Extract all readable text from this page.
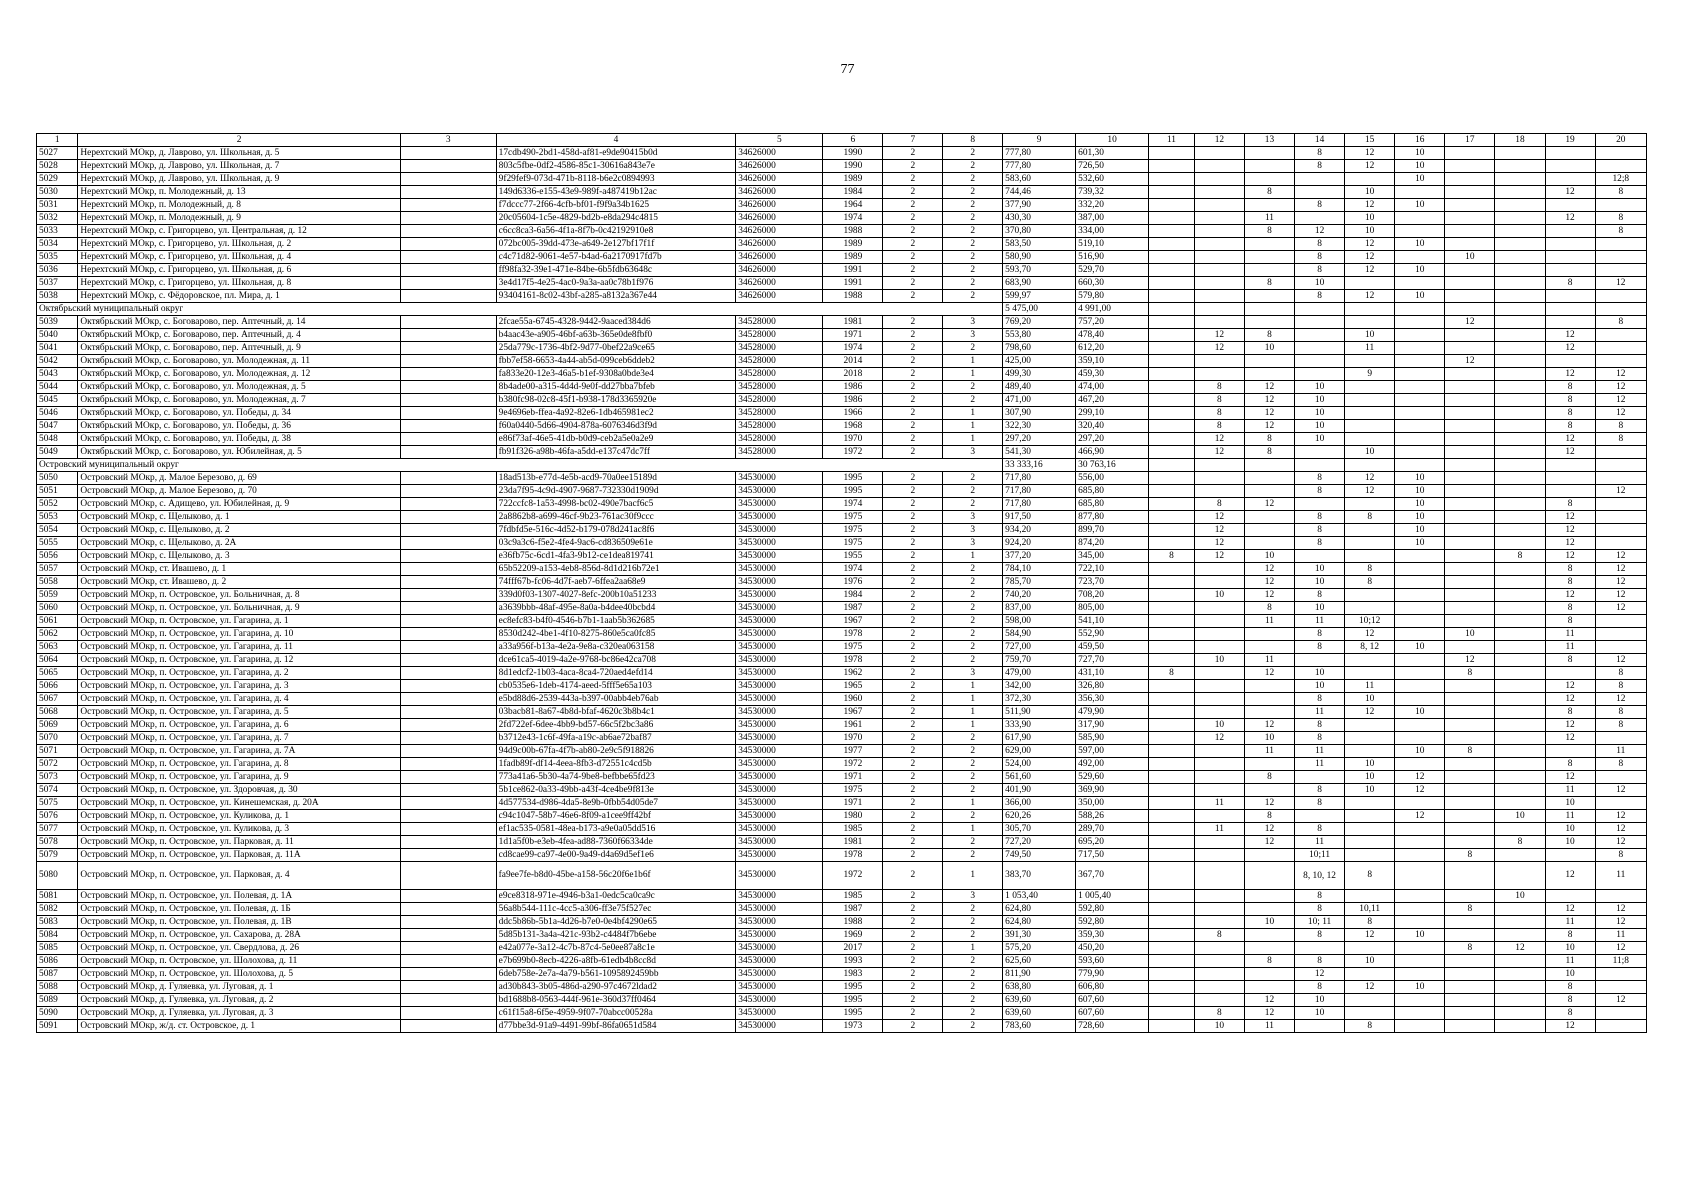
77
1	2	3	4	5	6	7	8	9	10	11	12	13	14	15	16	17	18	19	20
5027	Нерехтский МОкр, д. Лаврово, ул. Школьная, д. 5		17cdb490-2bd1-458d-af81-e9de90415b0d	34626000	1990	2	2	777,80	601,30				8	12	10				
5028	Нерехтский МОкр, д. Лаврово, ул. Школьная, д. 7		803c5fbe-0df2-4586-85c1-30616a843e7e	34626000	1990	2	2	777,80	726,50				8	12	10				
5029	Нерехтский МОкр, д. Лаврово, ул. Школьная, д. 9		9f29fef9-073d-471b-8118-b6e2c0894993	34626000	1989	2	2	583,60	532,60						10				12;8
5030	Нерехтский МОкр, п. Молодежный, д. 13		149d6336-e155-43e9-989f-a487419b12ac	34626000	1984	2	2	744,46	739,32			8		10				12	8
5031	Нерехтский МОкр, п. Молодежный, д. 8		f7dccc77-2f66-4cfb-bf01-f9f9a34b1625	34626000	1964	2	2	377,90	332,20				8	12	10				
5032	Нерехтский МОкр, п. Молодежный, д. 9		20c05604-1c5e-4829-bd2b-e8da294c4815	34626000	1974	2	2	430,30	387,00			11		10				12	8
5033	Нерехтский МОкр, с. Григорцево, ул. Центральная, д. 12		c6cc8ca3-6a56-4f1a-8f7b-0c42192910e8	34626000	1988	2	2	370,80	334,00			8	12	10					8
5034	Нерехтский МОкр, с. Григорцево, ул. Школьная, д. 2		072bc005-39dd-473e-a649-2e127bf17f1f	34626000	1989	2	2	583,50	519,10				8	12	10				
5035	Нерехтский МОкр, с. Григорцево, ул. Школьная, д. 4		c4c71d82-9061-4e57-b4ad-6a2170917fd7b	34626000	1989	2	2	580,90	516,90				8	12		10			
5036	Нерехтский МОкр, с. Григорцево, ул. Школьная, д. 6		ff98fa32-39e1-471e-84be-6b5fdb63648c	34626000	1991	2	2	593,70	529,70				8	12	10				
5037	Нерехтский МОкр, с. Григорцево, ул. Школьная, д. 8		3e4d17f5-4e25-4ac0-9a3a-aa0c78b1f976	34626000	1991	2	2	683,90	660,30			8	10					8	12
5038	Нерехтский МОкр, с. Фёдоровское, пл. Мира, д. 1		93404161-8c02-43bf-a285-a8132a367e44	34626000	1988	2	2	599,97	579,80				8	12	10				
Октябрьский муниципальный округ								5 475,00	4 991,00										
5039	Октябрьский МОкр, с. Боговарово, пер. Аптечный, д. 14		2fcae55a-6745-4328-9442-9aaced384d6	34528000	1981	2	3	769,20	757,20							12			8
5040	Октябрьский МОкр, с. Боговарово, пер. Аптечный, д. 4		b4aac43e-a905-46bf-a63b-365e0de8fbf0	34528000	1971	2	3	553,80	478,40		12	8		10				12	
5041	Октябрьский МОкр, с. Боговарово, пер. Аптечный, д. 9		25da779c-1736-4bf2-9d77-0bef22a9ce65	34528000	1974	2	2	798,60	612,20		12	10		11				12	
5042	Октябрьский МОкр, с. Боговарово, ул. Молодежная, д. 11		fbb7ef58-6653-4a44-ab5d-099ceb6ddeb2	34528000	2014	2	1	425,00	359,10							12			
5043	Октябрьский МОкр, с. Боговарово, ул. Молодежная, д. 12		fa833e20-12e3-46a5-b1ef-9308a0bde3e4	34528000	2018	2	1	499,30	459,30					9				12	12
5044	Октябрьский МОкр, с. Боговарово, ул. Молодежная, д. 5		8b4ade00-a315-4d4d-9e0f-dd27bba7bfeb	34528000	1986	2	2	489,40	474,00		8	12	10					8	12
5045	Октябрьский МОкр, с. Боговарово, ул. Молодежная, д. 7		b380fc98-02c8-45f1-b938-178d3365920e	34528000	1986	2	2	471,00	467,20		8	12	10					8	12
5046	Октябрьский МОкр, с. Боговарово, ул. Победы, д. 34		9e4696eb-ffea-4a92-82e6-1db465981ec2	34528000	1966	2	1	307,90	299,10		8	12	10					8	12
5047	Октябрьский МОкр, с. Боговарово, ул. Победы, д. 36		f60a0440-5d66-4904-878a-6076346d3f9d	34528000	1968	2	1	322,30	320,40		8	12	10					8	8
5048	Октябрьский МОкр, с. Боговарово, ул. Победы, д. 38		e86f73af-46e5-41db-b0d9-ceb2a5e0a2e9	34528000	1970	2	1	297,20	297,20		12	8	10					12	8
5049	Октябрьский МОкр, с. Боговарово, ул. Юбилейная, д. 5		fb91f326-a98b-46fa-a5dd-e137c47dc7ff	34528000	1972	2	3	541,30	466,90		12	8		10				12	
Островский муниципальный округ								33 333,16	30 763,16										
5050	Островский МОкр, д. Малое Березово, д. 69		18ad513b-e77d-4e5b-acd9-70a0ee15189d	34530000	1995	2	2	717,80	556,00				8	12	10				
5051	Островский МОкр, д. Малое Березово, д. 70		23da7f95-4c9d-4907-9687-732330d1909d	34530000	1995	2	2	717,80	685,80				8	12	10				12
5052	Островский МОкр, с. Адищево, ул. Юбилейная, д. 9		722ccfc8-1a53-4998-bc02-490e7bacf6c5	34530000	1974	2	2	717,80	685,80		8	12			10			8	
5053	Островский МОкр, с. Щелыково, д. 1		2a8862b8-a699-46cf-9b23-761ac30f9ccc	34530000	1975	2	3	917,50	877,80		12		8	8	10			12	
5054	Островский МОкр, с. Щелыково, д. 2		7fdbfd5e-516c-4d52-b179-078d241ac8f6	34530000	1975	2	3	934,20	899,70		12		8		10			12	
5055	Островский МОкр, с. Щелыково, д. 2А		03c9a3c6-f5e2-4fe4-9ac6-cd836509e61e	34530000	1975	2	3	924,20	874,20		12		8		10			12	
5056	Островский МОкр, с. Щелыково, д. 3		e36fb75c-6cd1-4fa3-9b12-ce1dea819741	34530000	1955	2	1	377,20	345,00	8	12	10					8	12	12
5057	Островский МОкр, ст. Ивашево, д. 1		65b52209-a153-4eb8-856d-8d1d216b72e1	34530000	1974	2	2	784,10	722,10			12	10	8				8	12
5058	Островский МОкр, ст. Ивашево, д. 2		74fff67b-fc06-4d7f-aeb7-6ffea2aa68e9	34530000	1976	2	2	785,70	723,70			12	10	8				8	12
5059	Островский МОкр, п. Островское, ул. Больничная, д. 8		339d0f03-1307-4027-8efc-200b10a51233	34530000	1984	2	2	740,20	708,20		10	12	8					12	12
5060	Островский МОкр, п. Островское, ул. Больничная, д. 9		a3639bbb-48af-495e-8a0a-b4dee40bcbd4	34530000	1987	2	2	837,00	805,00			8	10					8	12
5061	Островский МОкр, п. Островское, ул. Гагарина, д. 1		ec8efc83-b4f0-4546-b7b1-1aab5b362685	34530000	1967	2	2	598,00	541,10			11	11	10;12				8	
5062	Островский МОкр, п. Островское, ул. Гагарина, д. 10		8530d242-4be1-4f10-8275-860e5ca0fc85	34530000	1978	2	2	584,90	552,90				8	12		10		11	
5063	Островский МОкр, п. Островское, ул. Гагарина, д. 11		a33a956f-b13a-4e2a-9e8a-c320ea063158	34530000	1975	2	2	727,00	459,50				8	8, 12	10			11	
5064	Островский МОкр, п. Островское, ул. Гагарина, д. 12		dce61ca5-4019-4a2e-9768-bc86e42ca708	34530000	1978	2	2	759,70	727,70		10	11				12		8	12
5065	Островский МОкр, п. Островское, ул. Гагарина, д. 2		8d1edcf2-1b03-4aca-8ca4-720aed4efd14	34530000	1962	2	3	479,00	431,10	8		12	10			8			8
5066	Островский МОкр, п. Островское, ул. Гагарина, д. 3		cb0535e6-1deb-4174-aeed-5fff5e65a103	34530000	1965	2	1	342,00	326,80				10	11				12	8
5067	Островский МОкр, п. Островское, ул. Гагарина, д. 4		e5bd88d6-2539-443a-b397-00abb4eb76ab	34530000	1960	2	1	372,30	356,30				8	10				12	12
5068	Островский МОкр, п. Островское, ул. Гагарина, д. 5		03bacb81-8a67-4b8d-bfaf-4620c3b8b4c1	34530000	1967	2	1	511,90	479,90				11	12	10			8	8
5069	Островский МОкр, п. Островское, ул. Гагарина, д. 6		2fd722ef-6dee-4bb9-bd57-66c5f2bc3a86	34530000	1961	2	1	333,90	317,90		10	12	8					12	8
5070	Островский МОкр, п. Островское, ул. Гагарина, д. 7		b3712e43-1c6f-49fa-a19c-ab6ae72baf87	34530000	1970	2	2	617,90	585,90		12	10	8					12	
5071	Островский МОкр, п. Островское, ул. Гагарина, д. 7А		94d9c00b-67fa-4f7b-ab80-2e9c5f918826	34530000	1977	2	2	629,00	597,00			11	11		10	8			11
5072	Островский МОкр, п. Островское, ул. Гагарина, д. 8		1fadb89f-df14-4eea-8fb3-d72551c4cd5b	34530000	1972	2	2	524,00	492,00				11	10				8	8
5073	Островский МОкр, п. Островское, ул. Гагарина, д. 9		773a41a6-5b30-4a74-9be8-befbbe65fd23	34530000	1971	2	2	561,60	529,60			8		10	12			12	
5074	Островский МОкр, п. Островское, ул. Здоровчая, д. 30		5b1ce862-0a33-49bb-a43f-4ce4be9f813e	34530000	1975	2	2	401,90	369,90				8	10	12			11	12
5075	Островский МОкр, п. Островское, ул. Кинешемская, д. 20А		4d577534-d986-4da5-8e9b-0fbb54d05de7	34530000	1971	2	1	366,00	350,00		11	12	8					10	
5076	Островский МОкр, п. Островское, ул. Куликова, д. 1		c94c1047-58b7-46e6-8f09-a1cee9ff42bf	34530000	1980	2	2	620,26	588,26			8			12		10	11	12
5077	Островский МОкр, п. Островское, ул. Куликова, д. 3		ef1ac535-0581-48ea-b173-a9e0a05dd516	34530000	1985	2	1	305,70	289,70		11	12	8					10	12
5078	Островский МОкр, п. Островское, ул. Парковая, д. 11		1d1a5f0b-e3eb-4fea-ad88-7360f66334de	34530000	1981	2	2	727,20	695,20			12	11				8	10	12
5079	Островский МОкр, п. Островское, ул. Парковая, д. 11А		cd8cae99-ca97-4e00-9a49-d4a69d5ef1e6	34530000	1978	2	2	749,50	717,50				10;11			8			8
5080	Островский МОкр, п. Островское, ул. Парковая, д. 4		fa9ee7fe-b8d0-45be-a158-56c20f6e1b6f	34530000	1972	2	1	383,70	367,70				8, 10, 12	8				12	11
5081	Островский МОкр, п. Островское, ул. Полевая, д. 1А		e9ce8318-971e-4946-b3a1-0edc5ca0ca9c	34530000	1985	2	3	1 053,40	1 005,40				8				10		
5082	Островский МОкр, п. Островское, ул. Полевая, д. 1Б		56a8b544-111c-4cc5-a306-ff3e75f527ec	34530000	1987	2	2	624,80	592,80				8	10,11		8		12	12
5083	Островский МОкр, п. Островское, ул. Полевая, д. 1В		ddc5b86b-5b1a-4d26-b7e0-0e4bf4290e65	34530000	1988	2	2	624,80	592,80			10	10; 11	8				11	12
5084	Островский МОкр, п. Островское, ул. Сахарова, д. 28А		5d85b131-3a4a-421c-93b2-c4484f7b6ebe	34530000	1969	2	2	391,30	359,30		8		8	12	10			8	11
5085	Островский МОкр, п. Островское, ул. Свердлова, д. 26		e42a077e-3a12-4c7b-87c4-5e0ee87a8c1e	34530000	2017	2	1	575,20	450,20							8	12	10	12
5086	Островский МОкр, п. Островское, ул. Шолохова, д. 11		e7b699b0-8ecb-4226-a8fb-61edb4b8cc8d	34530000	1993	2	2	625,60	593,60			8	8	10				11	11;8
5087	Островский МОкр, п. Островское, ул. Шолохова, д. 5		6deb758e-2e7a-4a79-b561-1095892459bb	34530000	1983	2	2	811,90	779,90				12					10	
5088	Островский МОкр, д. Гуляевка, ул. Луговая, д. 1		ad30b843-3b05-486d-a290-97c4672ldad2	34530000	1995	2	2	638,80	606,80				8	12	10			8	
5089	Островский МОкр, д. Гуляевка, ул. Луговая, д. 2		bd1688b8-0563-444f-961e-360d37ff0464	34530000	1995	2	2	639,60	607,60			12	10					8	12
5090	Островский МОкр, д. Гуляевка, ул. Луговая, д. 3		c61f15a8-6f5e-4959-9f07-70abcc00528a	34530000	1995	2	2	639,60	607,60		8	12	10					8	
5091	Островский МОкр, ж/д. ст. Островское, д. 1		d77bbe3d-91a9-4491-99bf-86fa0651d584	34530000	1973	2	2	783,60	728,60		10	11		8				12	
